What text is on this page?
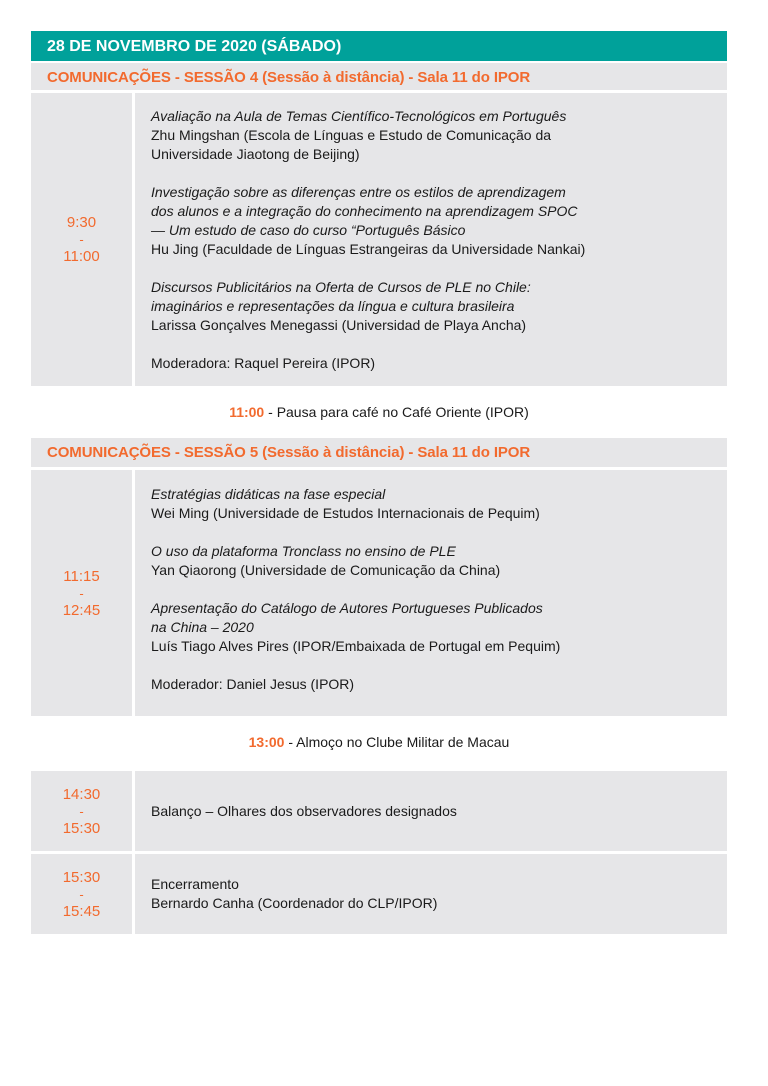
28 DE NOVEMBRO DE 2020 (SÁBADO)
COMUNICAÇÕES - SESSÃO 4 (Sessão à distância) - Sala 11 do IPOR
9:30
-
11:00
Avaliação na Aula de Temas Científico-Tecnológicos em Português
Zhu Mingshan (Escola de Línguas e Estudo de Comunicação da
Universidade Jiaotong de Beijing)
Investigação sobre as diferenças entre os estilos de aprendizagem
dos alunos e a integração do conhecimento na aprendizagem SPOC
— Um estudo de caso do curso “Português Básico
Hu Jing (Faculdade de Línguas Estrangeiras da Universidade Nankai)
Discursos Publicitários na Oferta de Cursos de PLE no Chile:
imaginários e representações da língua e cultura brasileira
Larissa Gonçalves Menegassi (Universidad de Playa Ancha)
Moderadora: Raquel Pereira (IPOR)
11:00 - Pausa para café no Café Oriente (IPOR)
COMUNICAÇÕES - SESSÃO 5 (Sessão à distância) - Sala 11 do IPOR
11:15
-
12:45
Estratégias didáticas na fase especial
Wei Ming (Universidade de Estudos Internacionais de Pequim)
O uso da plataforma Tronclass no ensino de PLE
Yan Qiaorong (Universidade de Comunicação da China)
Apresentação do Catálogo de Autores Portugueses Publicados
na China – 2020
Luís Tiago Alves Pires (IPOR/Embaixada de Portugal em Pequim)
Moderador: Daniel Jesus (IPOR)
13:00 - Almoço no Clube Militar de Macau
14:30
-
15:30
Balanço – Olhares dos observadores designados
15:30
-
15:45
Encerramento
Bernardo Canha (Coordenador do CLP/IPOR)
